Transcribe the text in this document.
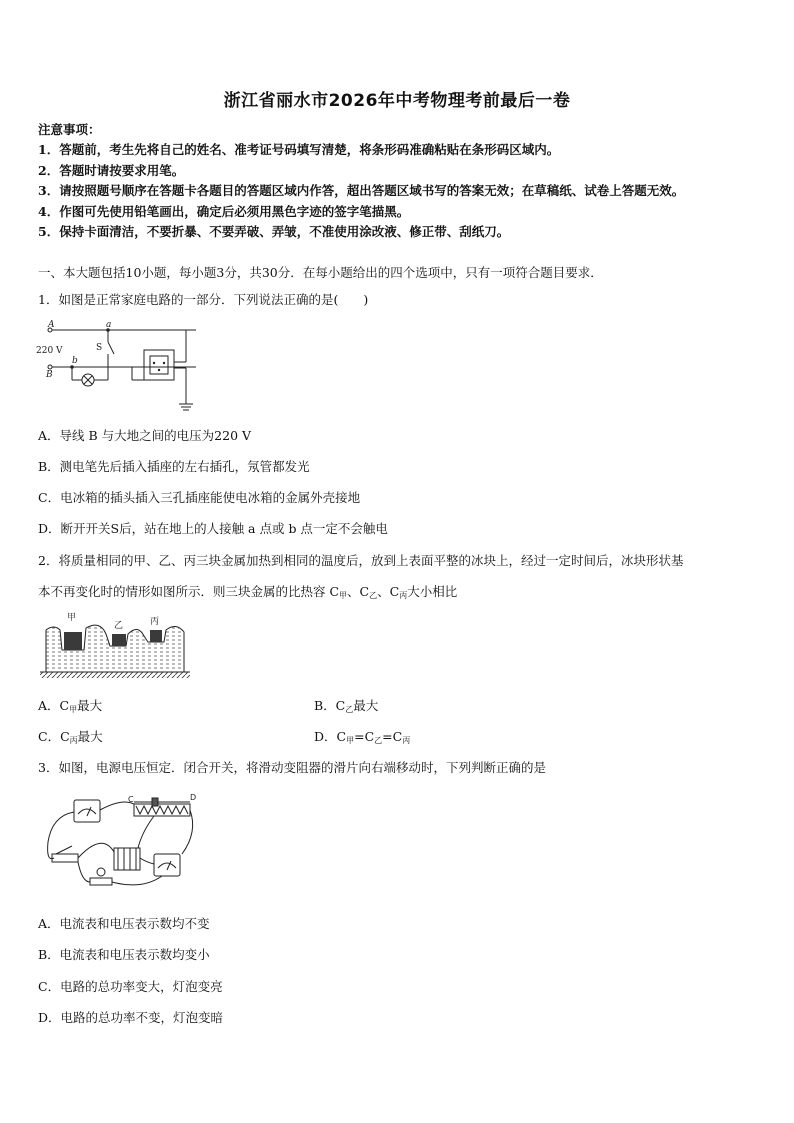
浙江省丽水市2026年中考物理考前最后一卷
注意事项：
1．答题前，考生先将自己的姓名、准考证号码填写清楚，将条形码准确粘贴在条形码区域内。
2．答题时请按要求用笔。
3．请按照题号顺序在答题卡各题目的答题区域内作答，超出答题区域书写的答案无效；在草稿纸、试卷上答题无效。
4．作图可先使用铅笔画出，确定后必须用黑色字迹的签字笔描黑。
5．保持卡面清洁，不要折暴、不要弄破、弄皱，不准使用涂改液、修正带、刮纸刀。
一、本大题包括10小题，每小题3分，共30分．在每小题给出的四个选项中，只有一项符合题目要求．
1．如图是正常家庭电路的一部分．下列说法正确的是(　　)
A	a
b
B
S
220 V
A．导线 B 与大地之间的电压为220 V
B．测电笔先后插入插座的左右插孔，氖管都发光
C．电冰箱的插头插入三孔插座能使电冰箱的金属外壳接地
D．断开开关S后，站在地上的人接触 a 点或 b 点一定不会触电
2．将质量相同的甲、乙、丙三块金属加热到相同的温度后，放到上表面平整的冰块上，经过一定时间后，冰块形状基
本不再变化时的情形如图所示．则三块金属的比热容 $C_甲$、$C_乙$、$C_丙$大小相比
甲
乙	丙
A．$C_甲$最大	B．$C_乙$最大
C．$C_丙$最大	D．$C_甲=C_乙=C_丙$
3．如图，电源电压恒定．闭合开关，将滑动变阻器的滑片向右端移动时，下列判断正确的是
C	D
A．电流表和电压表示数均不变
B．电流表和电压表示数均变小
C．电路的总功率变大，灯泡变亮
D．电路的总功率不变，灯泡变暗
